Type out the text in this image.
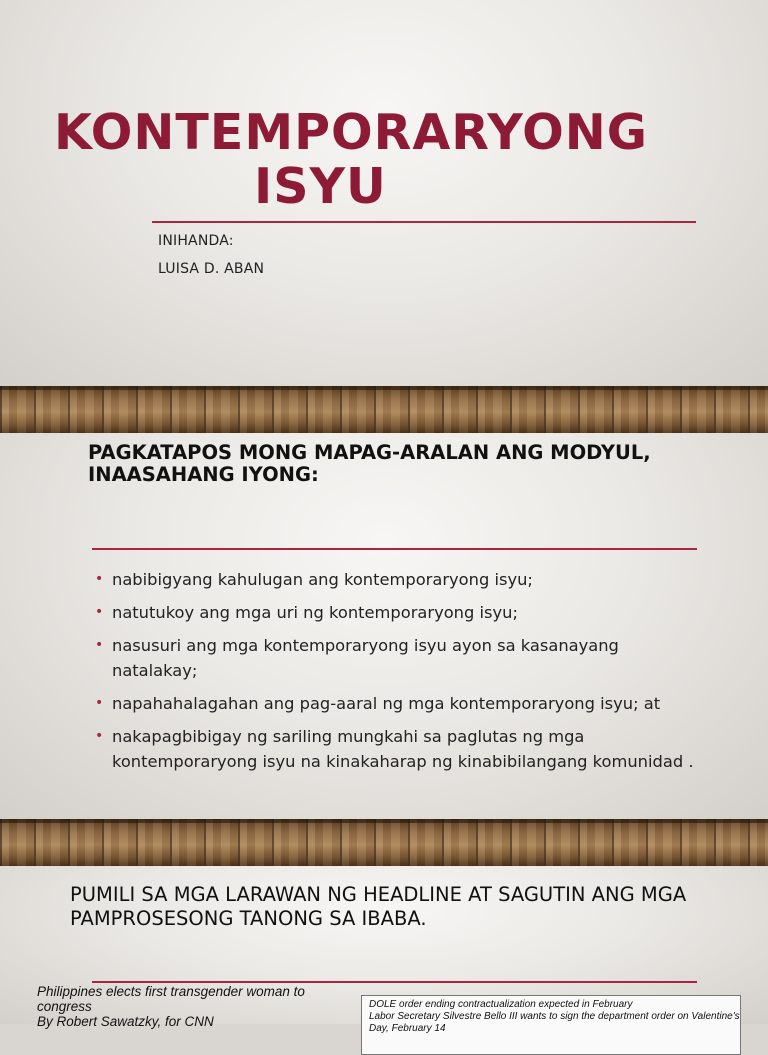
KONTEMPORARYONG
ISYU
INIHANDA:
LUISA D. ABAN
PAGKATAPOS MONG MAPAG-ARALAN ANG MODYUL, INAASAHANG IYONG:
• nabibigyang kahulugan ang kontemporaryong isyu;
• natutukoy ang mga uri ng kontemporaryong isyu;
• nasusuri ang mga kontemporaryong isyu ayon sa kasanayang natalakay;
• napahahalagahan ang pag-aaral ng mga kontemporaryong isyu; at
• nakapagbibigay ng sariling mungkahi sa paglutas ng mga kontemporaryong isyu na kinakaharap ng kinabibilangang komunidad .
PUMILI SA MGA LARAWAN NG HEADLINE AT SAGUTIN ANG MGA PAMPROSESONG TANONG SA IBABA.
Philippines elects first transgender woman to congress
By Robert Sawatzky, for CNN
DOLE order ending contractualization expected in February
Labor Secretary Silvestre Bello III wants to sign the department order on Valentine's
Day, February 14
